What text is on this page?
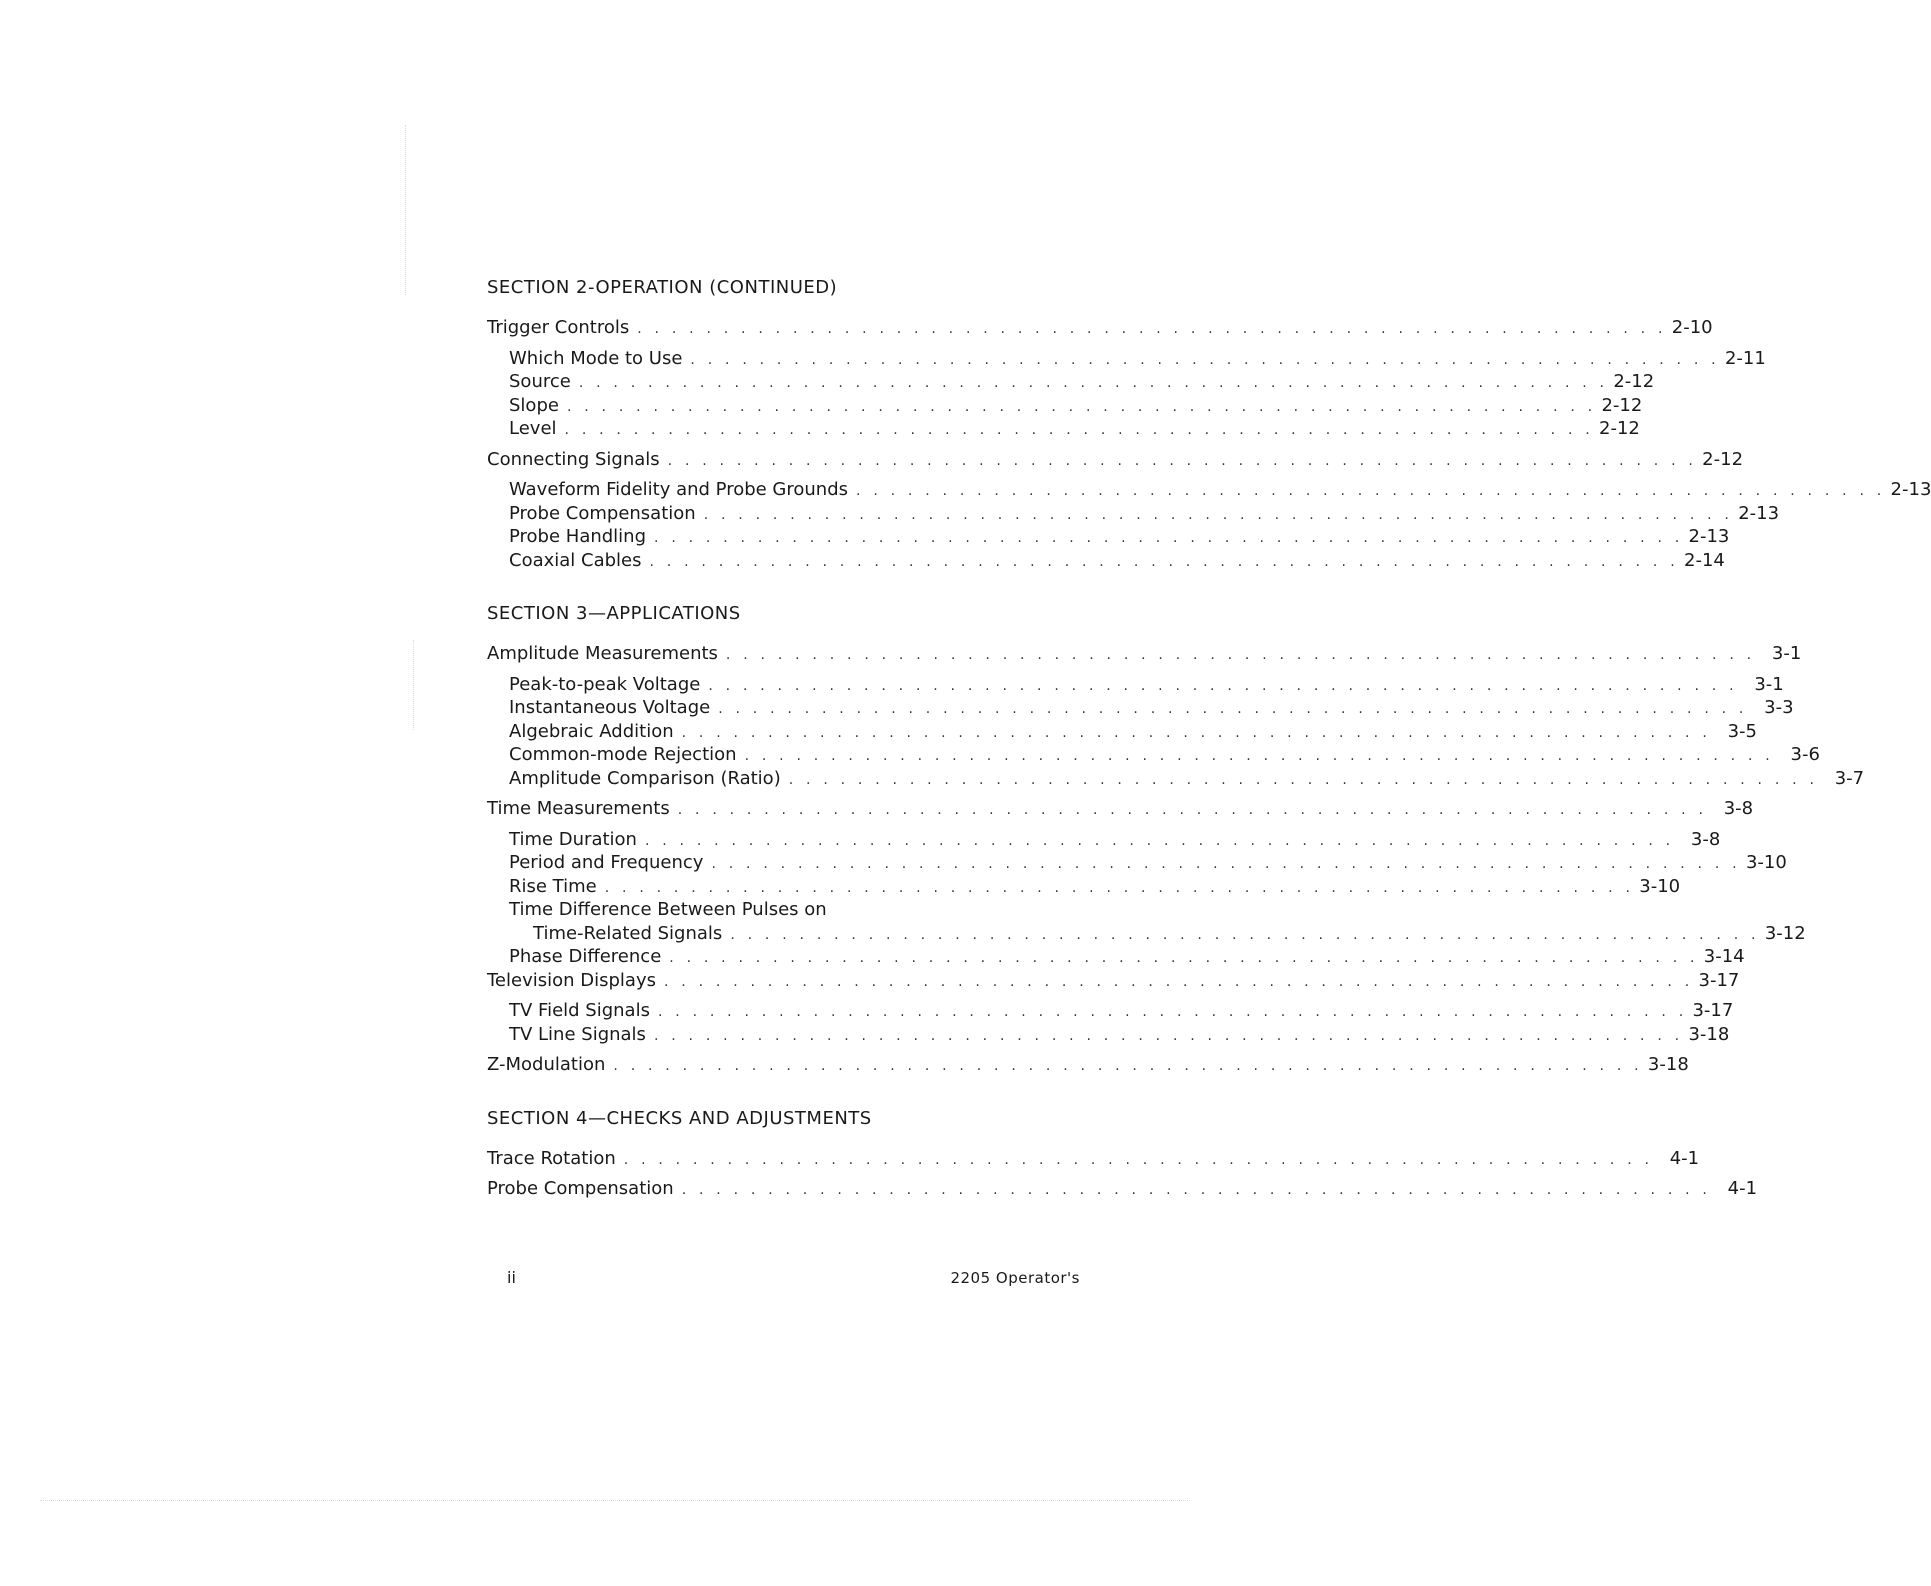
SECTION 2-OPERATION (CONTINUED)
Trigger Controls . . . . . . . . . . . . . . . . . . . . . . . . . . . . . . . . . . . . . . . . . . . . . . . . . . . . . . . . . . . . 2-10
Which Mode to Use . . . . . . . . . . . . . . . . . . . . . . . . . . . . . . . . . . . . . . . . . . . . . . . . . . . . . . . . . . . . 2-11
Source . . . . . . . . . . . . . . . . . . . . . . . . . . . . . . . . . . . . . . . . . . . . . . . . . . . . . . . . . . . . 2-12
Slope . . . . . . . . . . . . . . . . . . . . . . . . . . . . . . . . . . . . . . . . . . . . . . . . . . . . . . . . . . . . 2-12
Level . . . . . . . . . . . . . . . . . . . . . . . . . . . . . . . . . . . . . . . . . . . . . . . . . . . . . . . . . . . . 2-12
Connecting Signals . . . . . . . . . . . . . . . . . . . . . . . . . . . . . . . . . . . . . . . . . . . . . . . . . . . . . . . . . . . . 2-12
Waveform Fidelity and Probe Grounds . . . . . . . . . . . . . . . . . . . . . . . . . . . . . . . . . . . . . . . . . . . . . . . . . . . . . . . . . . . . 2-13
Probe Compensation . . . . . . . . . . . . . . . . . . . . . . . . . . . . . . . . . . . . . . . . . . . . . . . . . . . . . . . . . . . . 2-13
Probe Handling . . . . . . . . . . . . . . . . . . . . . . . . . . . . . . . . . . . . . . . . . . . . . . . . . . . . . . . . . . . . 2-13
Coaxial Cables . . . . . . . . . . . . . . . . . . . . . . . . . . . . . . . . . . . . . . . . . . . . . . . . . . . . . . . . . . . . 2-14
SECTION 3—APPLICATIONS
Amplitude Measurements . . . . . . . . . . . . . . . . . . . . . . . . . . . . . . . . . . . . . . . . . . . . . . . . . . . . . . . . . . . . 3-1
Peak-to-peak Voltage . . . . . . . . . . . . . . . . . . . . . . . . . . . . . . . . . . . . . . . . . . . . . . . . . . . . . . . . . . . . 3-1
Instantaneous Voltage . . . . . . . . . . . . . . . . . . . . . . . . . . . . . . . . . . . . . . . . . . . . . . . . . . . . . . . . . . . . 3-3
Algebraic Addition . . . . . . . . . . . . . . . . . . . . . . . . . . . . . . . . . . . . . . . . . . . . . . . . . . . . . . . . . . . . 3-5
Common-mode Rejection . . . . . . . . . . . . . . . . . . . . . . . . . . . . . . . . . . . . . . . . . . . . . . . . . . . . . . . . . . . . 3-6
Amplitude Comparison (Ratio) . . . . . . . . . . . . . . . . . . . . . . . . . . . . . . . . . . . . . . . . . . . . . . . . . . . . . . . . . . . . 3-7
Time Measurements . . . . . . . . . . . . . . . . . . . . . . . . . . . . . . . . . . . . . . . . . . . . . . . . . . . . . . . . . . . . 3-8
Time Duration . . . . . . . . . . . . . . . . . . . . . . . . . . . . . . . . . . . . . . . . . . . . . . . . . . . . . . . . . . . . 3-8
Period and Frequency . . . . . . . . . . . . . . . . . . . . . . . . . . . . . . . . . . . . . . . . . . . . . . . . . . . . . . . . . . . . 3-10
Rise Time . . . . . . . . . . . . . . . . . . . . . . . . . . . . . . . . . . . . . . . . . . . . . . . . . . . . . . . . . . . . 3-10
Time Difference Between Pulses on
Time-Related Signals . . . . . . . . . . . . . . . . . . . . . . . . . . . . . . . . . . . . . . . . . . . . . . . . . . . . . . . . . . . . 3-12
Phase Difference . . . . . . . . . . . . . . . . . . . . . . . . . . . . . . . . . . . . . . . . . . . . . . . . . . . . . . . . . . . . 3-14
Television Displays . . . . . . . . . . . . . . . . . . . . . . . . . . . . . . . . . . . . . . . . . . . . . . . . . . . . . . . . . . . . 3-17
TV Field Signals . . . . . . . . . . . . . . . . . . . . . . . . . . . . . . . . . . . . . . . . . . . . . . . . . . . . . . . . . . . . 3-17
TV Line Signals . . . . . . . . . . . . . . . . . . . . . . . . . . . . . . . . . . . . . . . . . . . . . . . . . . . . . . . . . . . . 3-18
Z-Modulation . . . . . . . . . . . . . . . . . . . . . . . . . . . . . . . . . . . . . . . . . . . . . . . . . . . . . . . . . . . . 3-18
SECTION 4—CHECKS AND ADJUSTMENTS
Trace Rotation . . . . . . . . . . . . . . . . . . . . . . . . . . . . . . . . . . . . . . . . . . . . . . . . . . . . . . . . . . . . 4-1
Probe Compensation . . . . . . . . . . . . . . . . . . . . . . . . . . . . . . . . . . . . . . . . . . . . . . . . . . . . . . . . . . . . 4-1
ii	2205 Operator's
